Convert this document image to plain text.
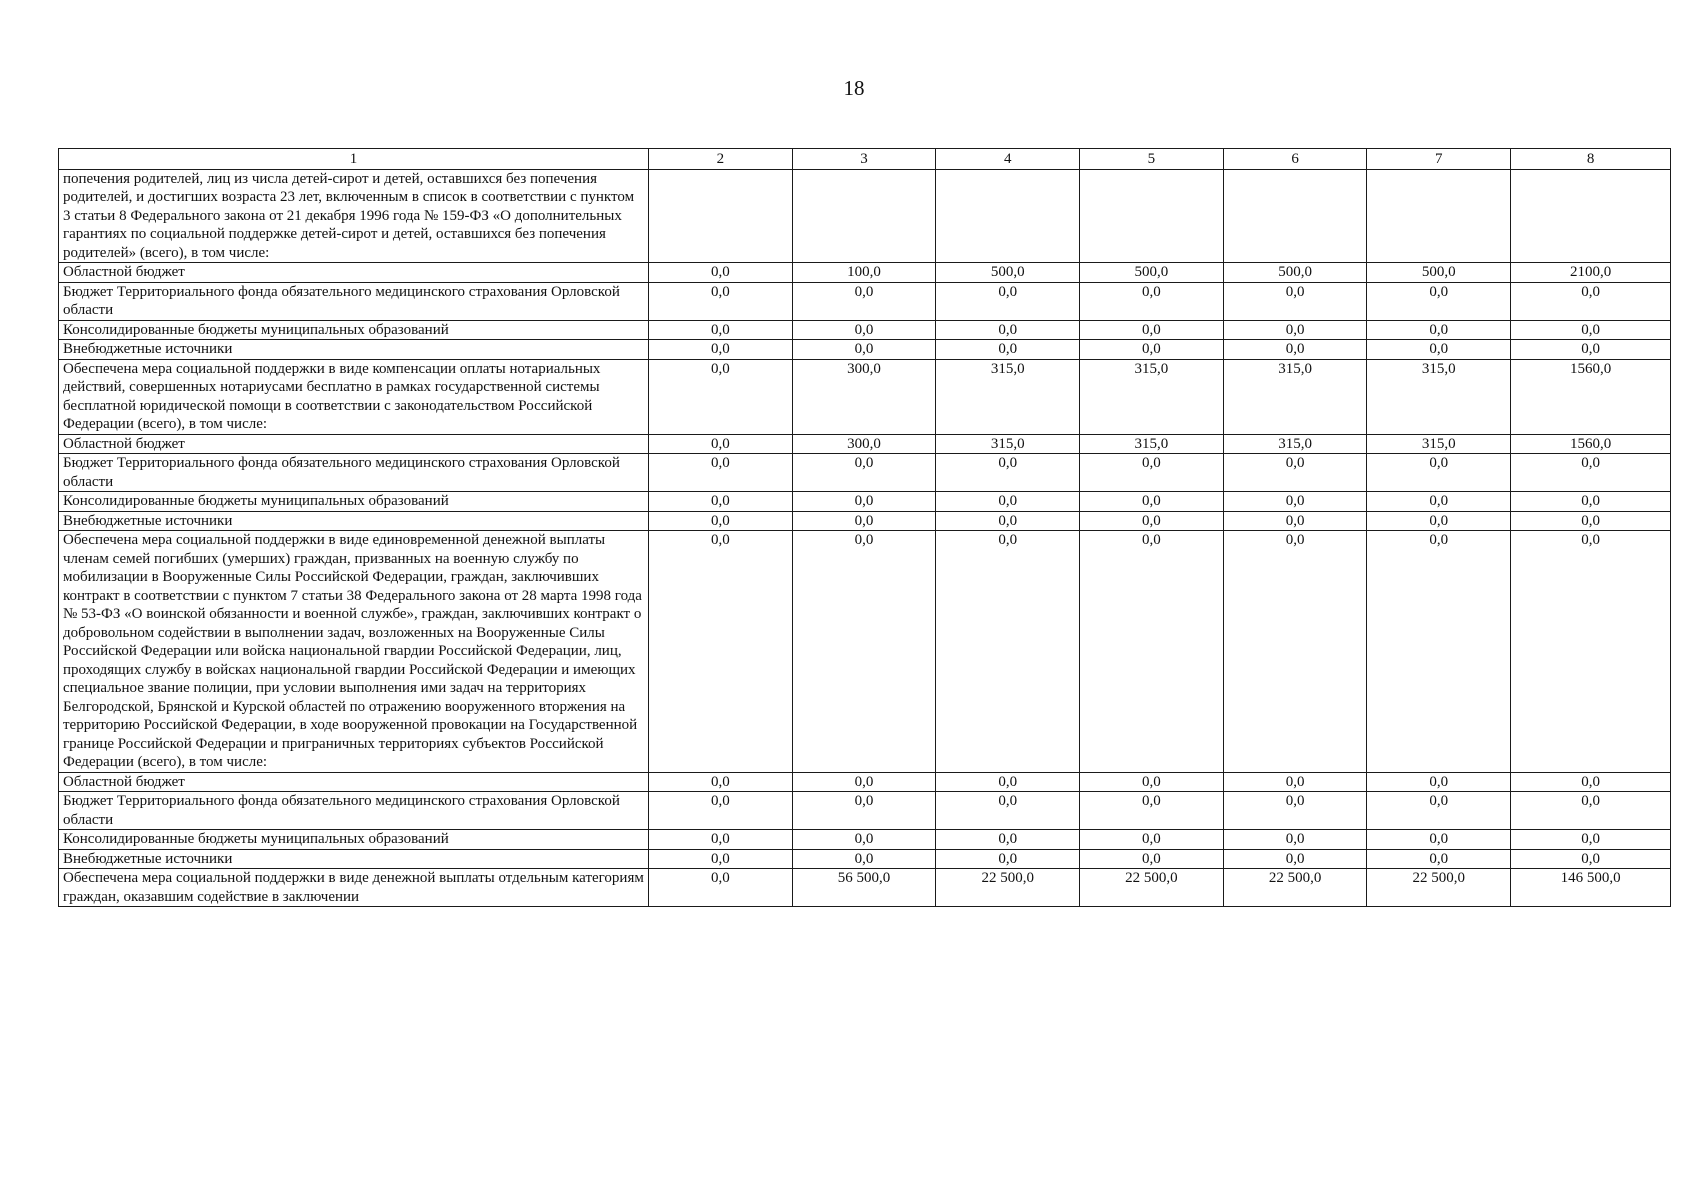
18
1	2	3	4	5	6	7	8
попечения родителей, лиц из числа детей-сирот и детей, оставшихся без попечения родителей, и достигших возраста 23 лет, включенным в список в соответствии с пунктом 3 статьи 8 Федерального закона от 21 декабря 1996 года № 159-ФЗ «О дополнительных гарантиях по социальной поддержке детей-сирот и детей, оставшихся без попечения родителей» (всего), в том числе:							
Областной бюджет	0,0	100,0	500,0	500,0	500,0	500,0	2100,0
Бюджет Территориального фонда обязательного медицинского страхования Орловской области	0,0	0,0	0,0	0,0	0,0	0,0	0,0
Консолидированные бюджеты муниципальных образований	0,0	0,0	0,0	0,0	0,0	0,0	0,0
Внебюджетные источники	0,0	0,0	0,0	0,0	0,0	0,0	0,0
Обеспечена мера социальной поддержки в виде компенсации оплаты нотариальных действий, совершенных нотариусами бесплатно в рамках государственной системы бесплатной юридической помощи в соответствии с законодательством Российской Федерации (всего), в том числе:	0,0	300,0	315,0	315,0	315,0	315,0	1560,0
Областной бюджет	0,0	300,0	315,0	315,0	315,0	315,0	1560,0
Бюджет Территориального фонда обязательного медицинского страхования Орловской области	0,0	0,0	0,0	0,0	0,0	0,0	0,0
Консолидированные бюджеты муниципальных образований	0,0	0,0	0,0	0,0	0,0	0,0	0,0
Внебюджетные источники	0,0	0,0	0,0	0,0	0,0	0,0	0,0
Обеспечена мера социальной поддержки в виде единовременной денежной выплаты членам семей погибших (умерших) граждан, призванных на военную службу по мобилизации в Вооруженные Силы Российской Федерации, граждан, заключивших контракт в соответствии с пунктом 7 статьи 38 Федерального закона от 28 марта 1998 года № 53-ФЗ «О воинской обязанности и военной службе», граждан, заключивших контракт о добровольном содействии в выполнении задач, возложенных на Вооруженные Силы Российской Федерации или войска национальной гвардии Российской Федерации, лиц, проходящих службу в войсках национальной гвардии Российской Федерации и имеющих специальное звание полиции, при условии выполнения ими задач на территориях Белгородской, Брянской и Курской областей по отражению вооруженного вторжения на территорию Российской Федерации, в ходе вооруженной провокации на Государственной границе Российской Федерации и приграничных территориях субъектов Российской Федерации (всего), в том числе:	0,0	0,0	0,0	0,0	0,0	0,0	0,0
Областной бюджет	0,0	0,0	0,0	0,0	0,0	0,0	0,0
Бюджет Территориального фонда обязательного медицинского страхования Орловской области	0,0	0,0	0,0	0,0	0,0	0,0	0,0
Консолидированные бюджеты муниципальных образований	0,0	0,0	0,0	0,0	0,0	0,0	0,0
Внебюджетные источники	0,0	0,0	0,0	0,0	0,0	0,0	0,0
Обеспечена мера социальной поддержки в виде денежной выплаты отдельным категориям граждан, оказавшим содействие в заключении	0,0	56 500,0	22 500,0	22 500,0	22 500,0	22 500,0	146 500,0
